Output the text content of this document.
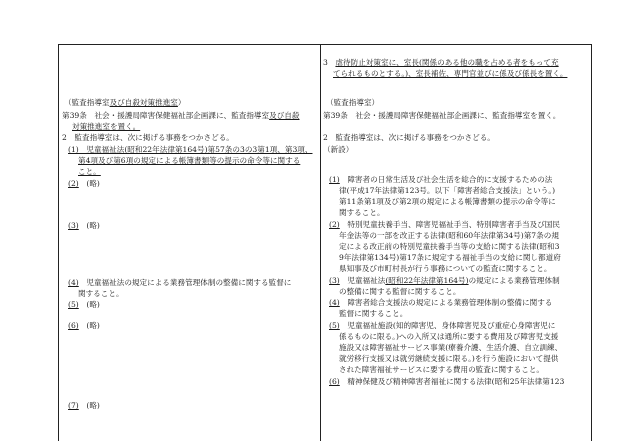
（監査指導室及び自殺対策推進室）
第39条　社会・援護局障害保健福祉部企画課に、監査指導室及び自殺
対策推進室を置く。
2　監査指導室は、次に掲げる事務をつかさどる。
(1)　児童福祉法(昭和22年法律第164号)第57条の3の3第1項、第3項、
第4項及び第6項の規定による帳簿書類等の提示の命令等に関する
こと。
(2)　(略)
(3)　(略)
(4)　児童福祉法の規定による業務管理体制の整備に関する監督に
関すること。
(5)　(略)
(6)　(略)
(7)　(略)
3　虐待防止対策室に、室長(関係のある他の職を占める者をもって充
てられるものとする。)、室長補佐、専門官並びに係及び係長を置く。
（監査指導室）
第39条　社会・援護局障害保健福祉部企画課に、監査指導室を置く。
2　監査指導室は、次に掲げる事務をつかさどる。
（新設）
(1)　障害者の日常生活及び社会生活を総合的に支援するための法
律(平成17年法律第123号。以下「障害者総合支援法」という。)
第11条第1項及び第2項の規定による帳簿書類の提示の命令等に
関すること。
(2)　特別児童扶養手当、障害児福祉手当、特別障害者手当及び国民
年金法等の一部を改正する法律(昭和60年法律第34号)第7条の規
定による改正前の特別児童扶養手当等の支給に関する法律(昭和3
9年法律第134号)第17条に規定する福祉手当の支給に関し都道府
県知事及び市町村長が行う事務についての監査に関すること。
(3)　児童福祉法(昭和22年法律第164号)の規定による業務管理体制
の整備に関する監督に関すること。
(4)　障害者総合支援法の規定による業務管理体制の整備に関する
監督に関すること。
(5)　児童福祉施設(知的障害児、身体障害児及び重症心身障害児に
係るものに限る。)への入所又は通所に要する費用及び障害児支援
施設又は障害福祉サービス事業(療養介護、生活介護、自立訓練、
就労移行支援又は就労継続支援に限る。)を行う施設において提供
された障害福祉サービスに要する費用の監査に関すること。
(6)　精神保健及び精神障害者福祉に関する法律(昭和25年法律第123
